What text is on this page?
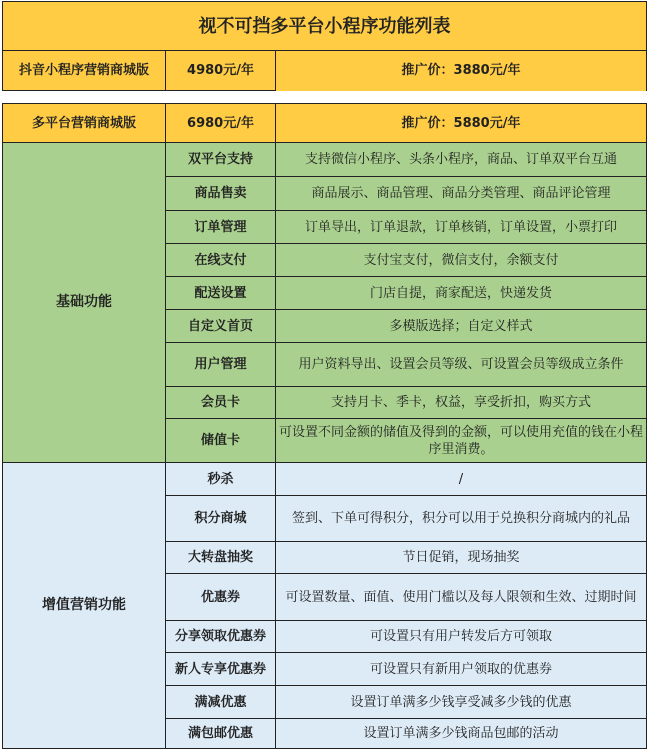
视不可挡多平台小程序功能列表
抖音小程序营销商城版	4980元/年	推广价：3880元/年
多平台营销商城版	6980元/年	推广价：5880元/年
基础功能	双平台支持	支持微信小程序、头条小程序，商品、订单双平台互通
	商品售卖	商品展示、商品管理、商品分类管理、商品评论管理
	订单管理	订单导出，订单退款，订单核销，订单设置，小票打印
	在线支付	支付宝支付，微信支付，余额支付
	配送设置	门店自提，商家配送，快递发货
	自定义首页	多模版选择；自定义样式
	用户管理	用户资料导出、设置会员等级、可设置会员等级成立条件
	会员卡	支持月卡、季卡，权益，享受折扣，购买方式
	储值卡	可设置不同金额的储值及得到的金额，可以使用充值的钱在小程序里消费。
增值营销功能	秒杀	/
	积分商城	签到、下单可得积分，积分可以用于兑换积分商城内的礼品
	大转盘抽奖	节日促销，现场抽奖
	优惠券	可设置数量、面值、使用门槛以及每人限领和生效、过期时间
	分享领取优惠券	可设置只有用户转发后方可领取
	新人专享优惠券	可设置只有新用户领取的优惠券
	满减优惠	设置订单满多少钱享受减多少钱的优惠
	满包邮优惠	设置订单满多少钱商品包邮的活动
